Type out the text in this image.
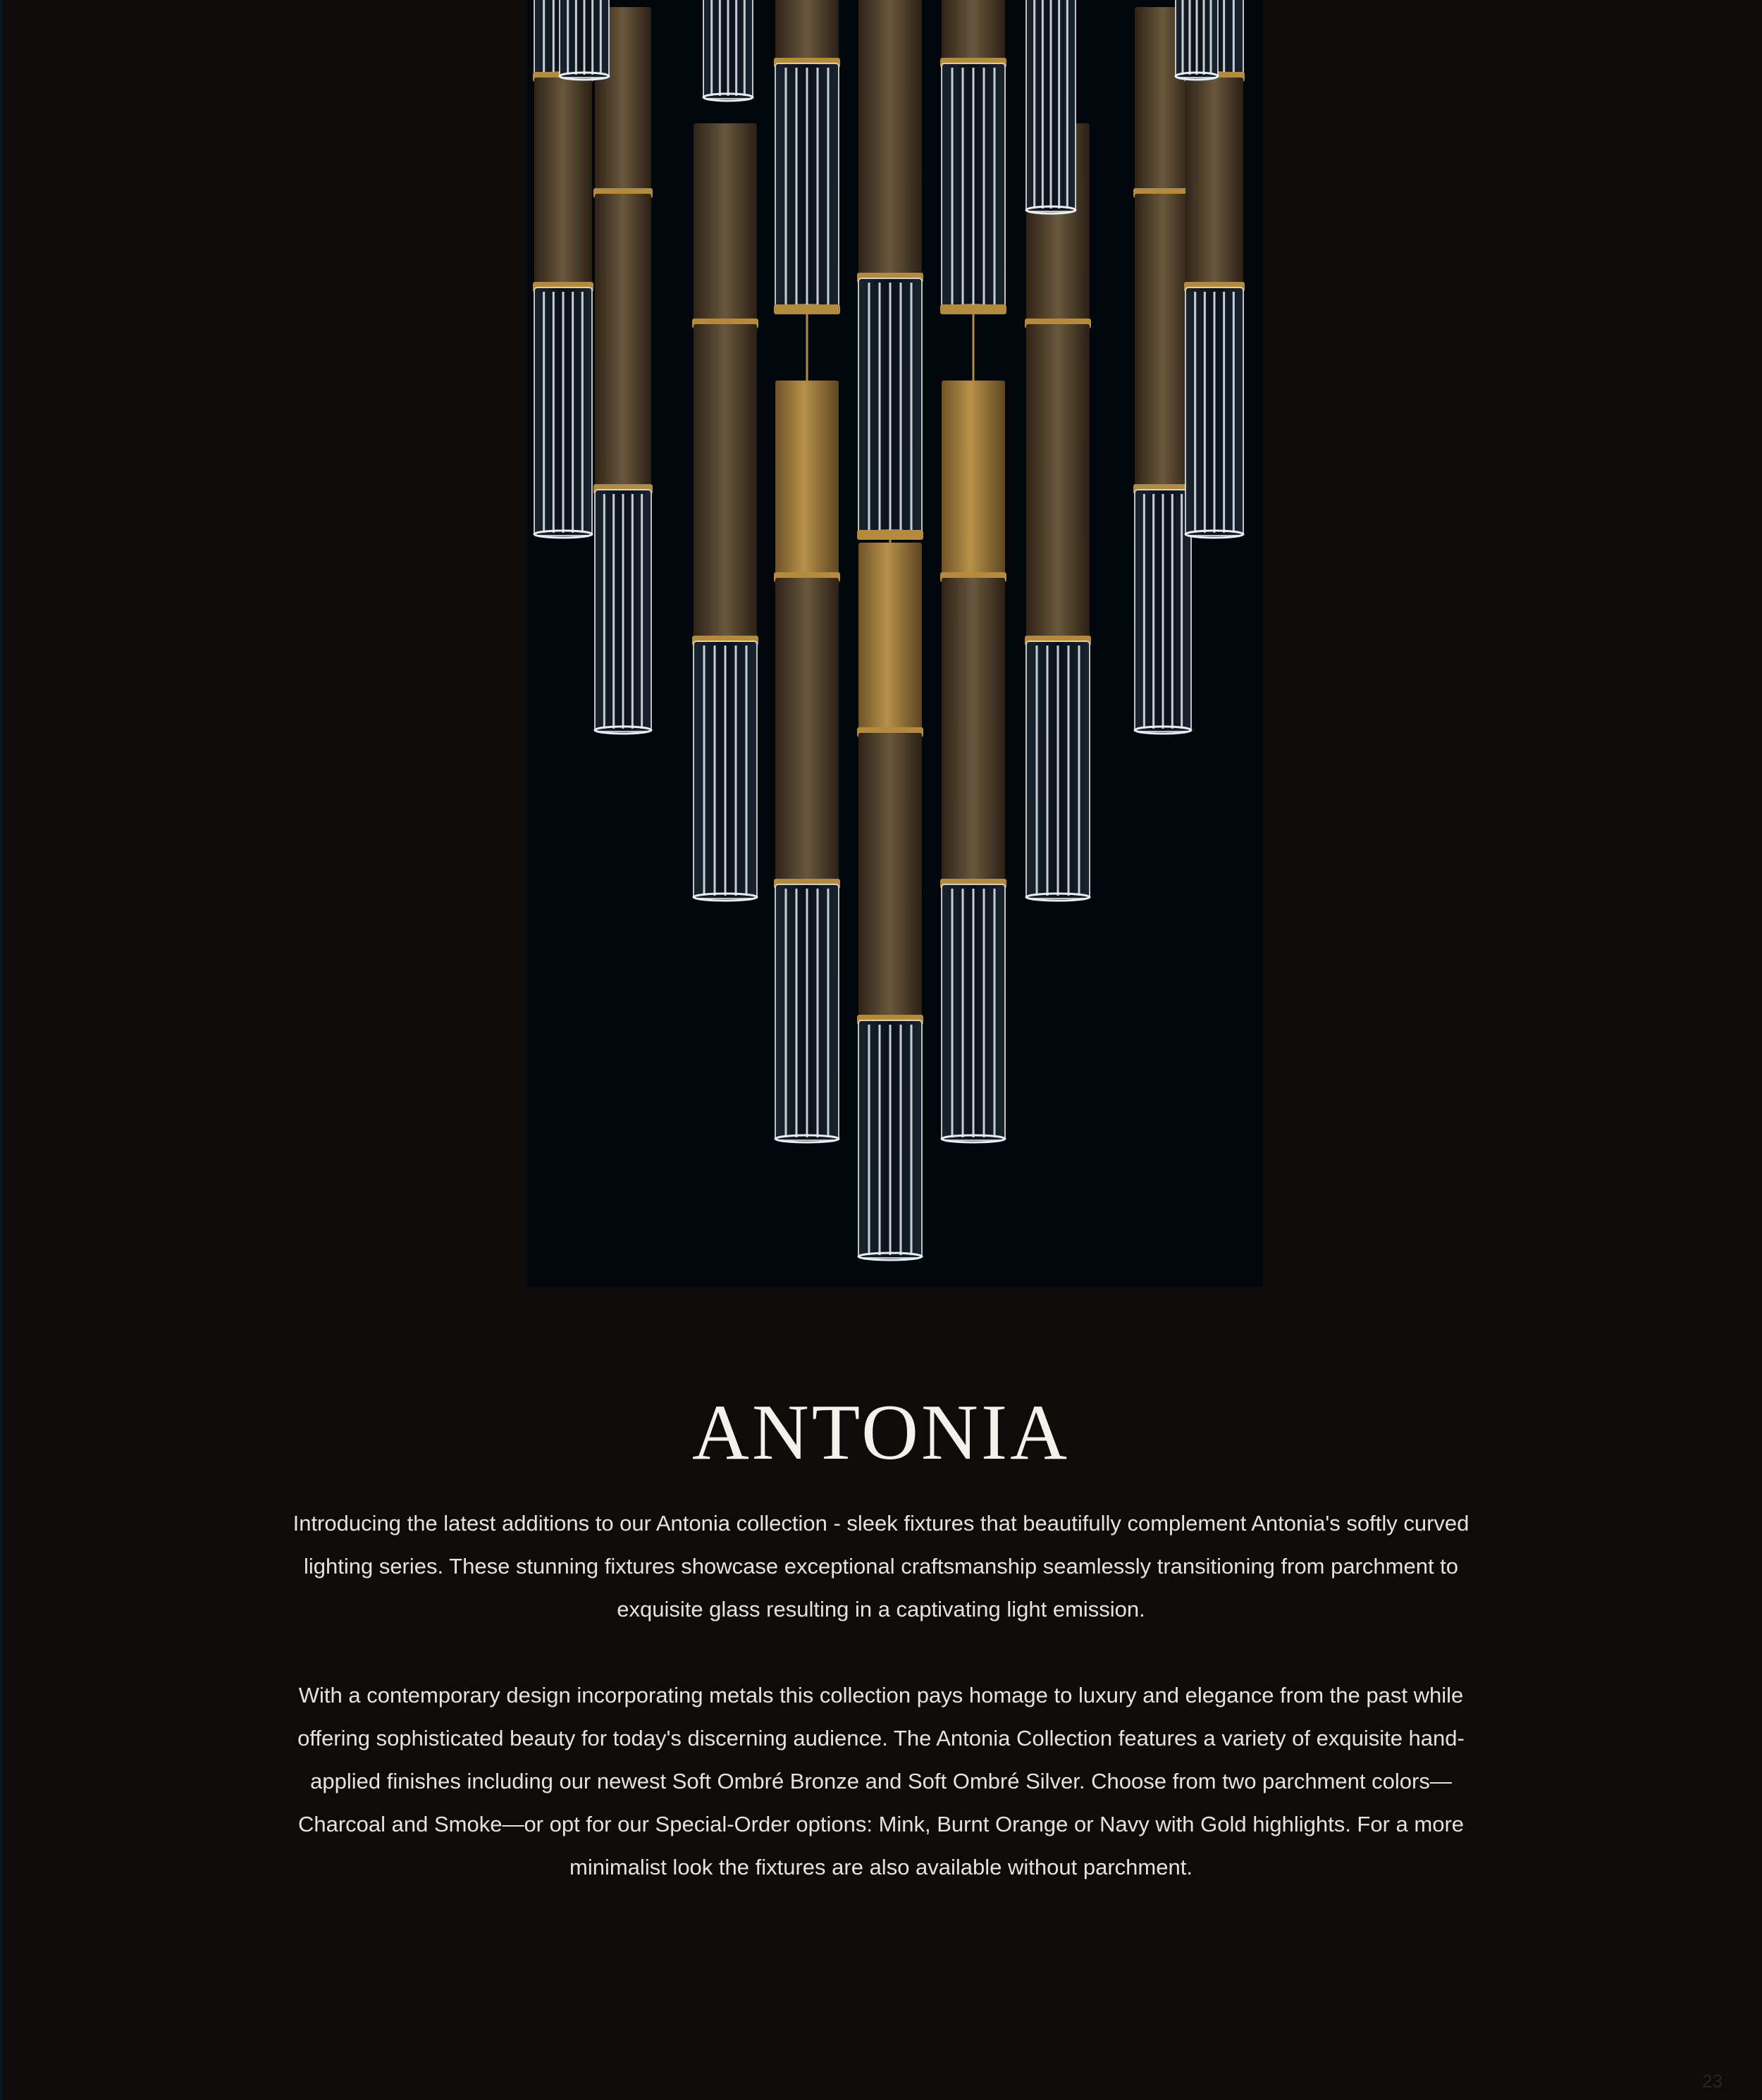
ANTONIA

Introducing the latest additions to our Antonia collection - sleek fixtures that beautifully complement Antonia's softly curved lighting series. These stunning fixtures showcase exceptional craftsmanship seamlessly transitioning from parchment to exquisite glass resulting in a captivating light emission.

With a contemporary design incorporating metals this collection pays homage to luxury and elegance from the past while offering sophisticated beauty for today's discerning audience. The Antonia Collection features a variety of exquisite hand-applied finishes including our newest Soft Ombré Bronze and Soft Ombré Silver. Choose from two parchment colors—Charcoal and Smoke—or opt for our Special-Order options: Mink, Burnt Orange or Navy with Gold highlights. For a more minimalist look the fixtures are also available without parchment.

23
